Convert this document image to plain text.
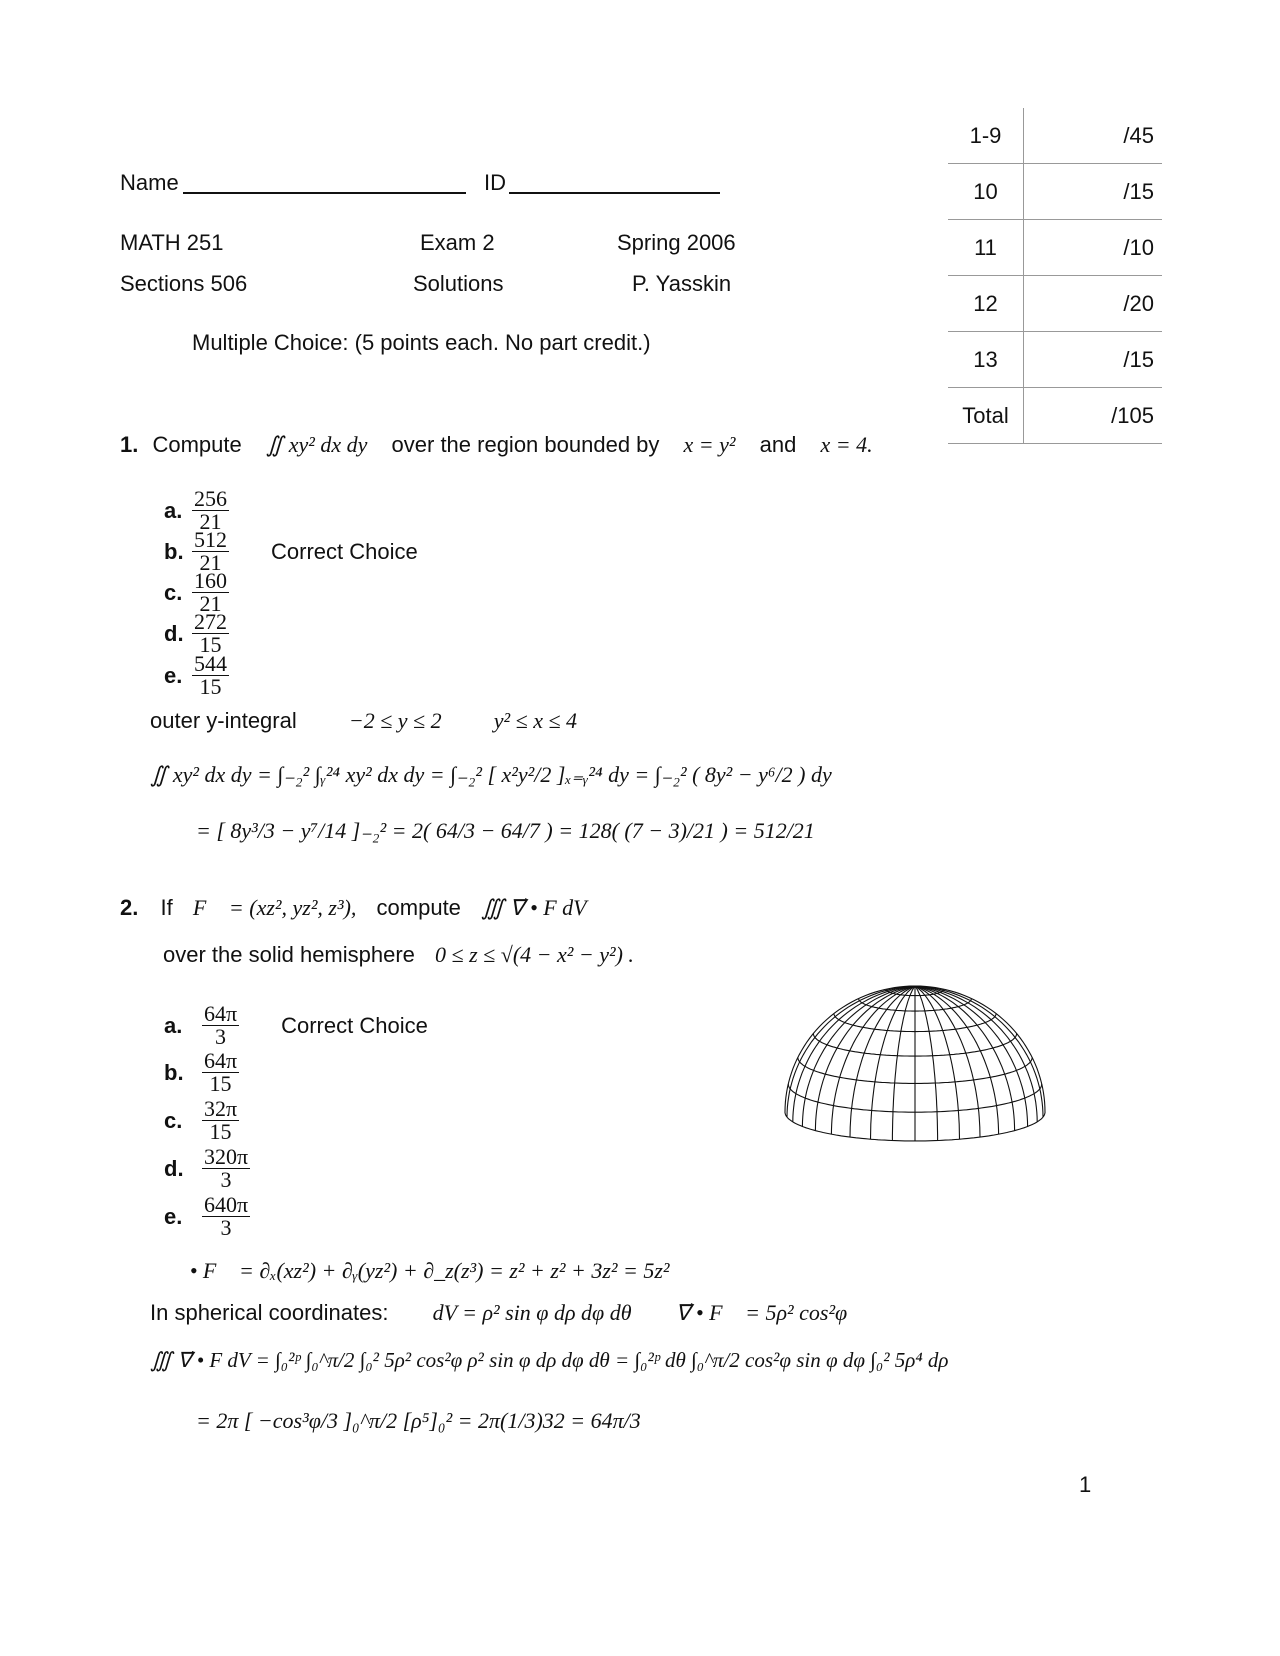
Name	ID
MATH 251	Exam 2	Spring 2006
Sections 506	Solutions	P. Yasskin
Multiple Choice: (5 points each. No part credit.)
1-9	/45
10	/15
11	/10
12	/20
13	/15
Total	/105
1. Compute ∬ xy² dx dy over the region bounded by x = y² and x = 4.
a. $\frac{256}{21}$
b. $\frac{512}{21}$ Correct Choice
c. $\frac{160}{21}$
d. $\frac{272}{15}$
e. $\frac{544}{15}$
outer y-integral −2 ≤ y ≤ 2 y² ≤ x ≤ 4
∬ xy² dx dy = ∫₋₂² ∫ᵧ²⁴ xy² dx dy = ∫₋₂² [ x²y²/2 ]ₓ₌ᵧ²⁴ dy = ∫₋₂² ( 8y² − y⁶/2 ) dy
= [ 8y³/3 − y⁷/14 ]₋₂² = 2( 64/3 − 64/7 ) = 128( (7 − 3)/21 ) = 512/21
2. If F⃗ = (xz², yz², z³), compute ∭ ∇⃗ • F dV
over the solid hemisphere 0 ≤ z ≤ √(4 − x² − y²) .
a. $\frac{64\pi}{3}$ Correct Choice
b. $\frac{64\pi}{15}$
c. $\frac{32\pi}{15}$
d. $\frac{320\pi}{3}$
e. $\frac{640\pi}{3}$
∇⃗ • F⃗ = ∂ₓ(xz²) + ∂ᵧ(yz²) + ∂_z(z³) = z² + z² + 3z² = 5z²
In spherical coordinates: dV = ρ² sin φ dρ dφ dθ ∇⃗ • F⃗ = 5ρ² cos²φ
∭ ∇⃗ • F dV = ∫₀²ᵖ ∫₀^π/2 ∫₀² 5ρ² cos²φ ρ² sin φ dρ dφ dθ = ∫₀²ᵖ dθ ∫₀^π/2 cos²φ sin φ dφ ∫₀² 5ρ⁴ dρ
= 2π [ −cos³φ/3 ]₀^π/2 [ρ⁵]₀² = 2π(1/3)32 = 64π/3
1
